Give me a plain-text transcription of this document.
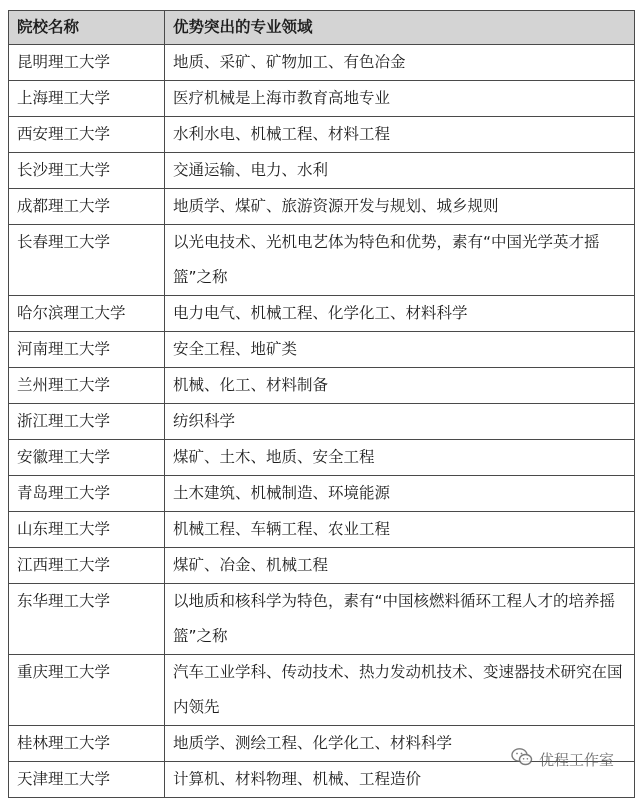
院校名称	优势突出的专业领域
昆明理工大学	地质、采矿、矿物加工、有色冶金
上海理工大学	医疗机械是上海市教育高地专业
西安理工大学	水利水电、机械工程、材料工程
长沙理工大学	交通运输、电力、水利
成都理工大学	地质学、煤矿、旅游资源开发与规划、城乡规则
长春理工大学	以光电技术、光机电艺体为特色和优势，素有“中国光学英才摇篮”之称
哈尔滨理工大学	电力电气、机械工程、化学化工、材料科学
河南理工大学	安全工程、地矿类
兰州理工大学	机械、化工、材料制备
浙江理工大学	纺织科学
安徽理工大学	煤矿、土木、地质、安全工程
青岛理工大学	土木建筑、机械制造、环境能源
山东理工大学	机械工程、车辆工程、农业工程
江西理工大学	煤矿、冶金、机械工程
东华理工大学	以地质和核科学为特色，素有“中国核燃料循环工程人才的培养摇篮”之称
重庆理工大学	汽车工业学科、传动技术、热力发动机技术、变速器技术研究在国内领先
桂林理工大学	地质学、测绘工程、化学化工、材料科学
天津理工大学	计算机、材料物理、机械、工程造价
优程工作室
